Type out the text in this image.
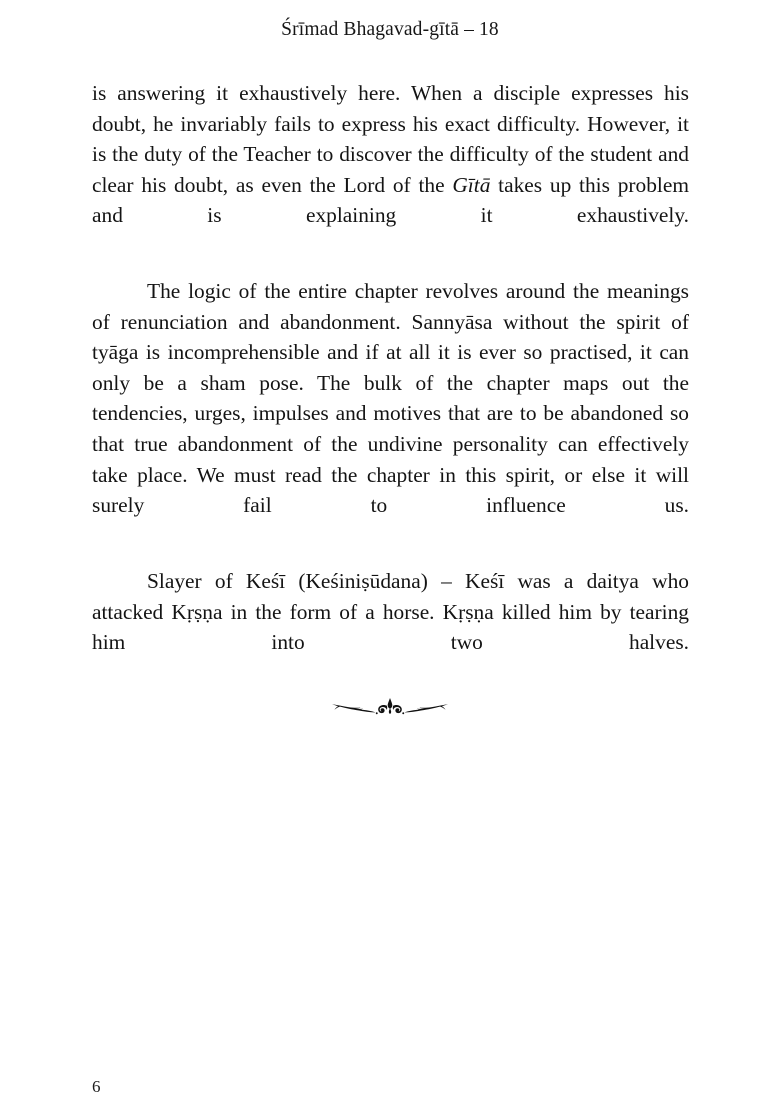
Śrīmad Bhagavad-gītā – 18

is answering it exhaustively here. When a disciple expresses his doubt, he invariably fails to express his exact difficulty. However, it is the duty of the Teacher to discover the difficulty of the student and clear his doubt, as even the Lord of the Gītā takes up this problem and is explaining it exhaustively.

The logic of the entire chapter revolves around the meanings of renunciation and abandonment. Sannyāsa without the spirit of tyāga is incomprehensible and if at all it is ever so practised, it can only be a sham pose. The bulk of the chapter maps out the tendencies, urges, impulses and motives that are to be abandoned so that true abandonment of the undivine personality can effectively take place. We must read the chapter in this spirit, or else it will surely fail to influence us.

Slayer of Keśī (Keśiniṣūdana) – Keśī was a daitya who attacked Kṛṣṇa in the form of a horse. Kṛṣṇa killed him by tearing him into two halves.

6
